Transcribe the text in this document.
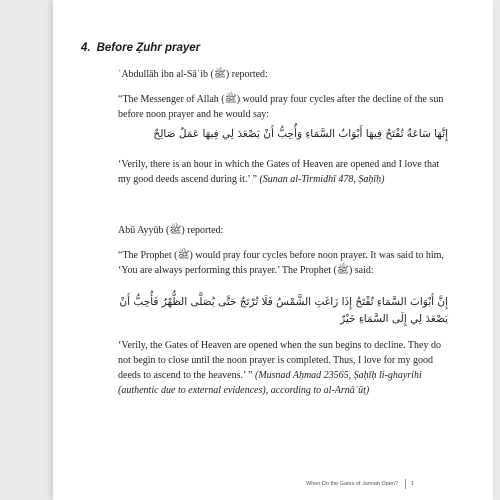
4. Before Ẓuhr prayer
ʿAbdullāh ibn al-Sāʾib (ﷺ) reported:
“The Messenger of Allah (ﷺ) would pray four cycles after the decline of the sun before noon prayer and he would say:
إِنَّهَا سَاعَةٌ تُفْتَحُ فِيهَا أَبْوَابُ السَّمَاءِ وَأُحِبُّ أَنْ يَصْعَدَ لِي فِيهَا عَمَلٌ صَالِحٌ
‘Verily, there is an hour in which the Gates of Heaven are opened and I love that my good deeds ascend during it.’ ” (Sunan al-Tirmidhī 478, Ṣaḥīḥ)
Abū Ayyūb (ﷺ) reported:
“The Prophet (ﷺ) would pray four cycles before noon prayer. It was said to him, ‘You are always performing this prayer.’ The Prophet (ﷺ) said:
إِنَّ أَبْوَابَ السَّمَاءِ تُفْتَحُ إِذَا زَاغَتِ الشَّمْسُ فَلَا تُرْتَجُ حَتَّى يُصَلَّى الظُّهْرُ فَأُحِبُّ أَنْ يَصْعَدَ لِي إِلَى السَّمَاءِ خَيْرٌ
‘Verily, the Gates of Heaven are opened when the sun begins to decline. They do not begin to close until the noon prayer is completed. Thus, I love for my good deeds to ascend to the heavens.’ ” (Musnad Aḥmad 23565, Ṣaḥīḥ li-ghayrihi (authentic due to external evidences), according to al-Arnāʾūṭ)
When Do the Gates of Jannah Open? 1
